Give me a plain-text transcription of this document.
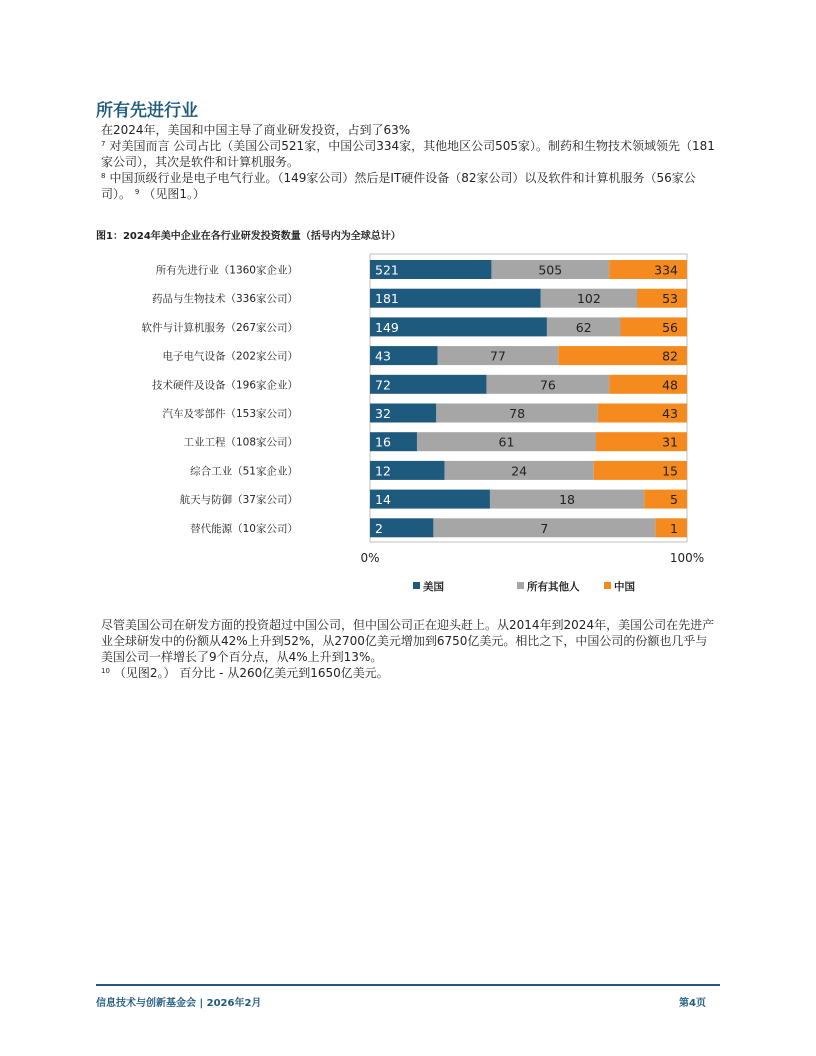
所有先进行业

在2024年，美国和中国主导了商业研发投资，占到了63%
$^7$ 对美国而言 公司占比（美国公司521家，中国公司334家，其他地区公司505家）。制药和生物技术领域领先（181家公司），其次是软件和计算机服务。
$^8$ 中国顶级行业是电子电气行业。（149家公司）然后是IT硬件设备（82家公司）以及软件和计算机服务（56家公司）。 $^9$ （见图1。）

图1：2024年美中企业在各行业研发投资数量（括号内为全球总计）

所有先进行业（1360家企业）	521	505	334
药品与生物技术（336家公司）	181	102	53
软件与计算机服务（267家公司）	149	62	56
电子电气设备（202家公司）	43	77	82
技术硬件及设备（196家企业）	72	76	48
汽车及零部件（153家公司）	32	78	43
工业工程（108家公司）	16	61	31
综合工业（51家企业）	12	24	15
航天与防御（37家公司）	14	18	5
替代能源（10家公司）	2	7	1
0%	100%
美国	所有其他人	中国

尽管美国公司在研发方面的投资超过中国公司，但中国公司正在迎头赶上。从2014年到2024年，美国公司在先进产业全球研发中的份额从42%上升到52%，从2700亿美元增加到6750亿美元。相比之下，中国公司的份额也几乎与美国公司一样增长了9个百分点，从4%上升到13%。
$^{10}$ （见图2。） 百分比 - 从260亿美元到1650亿美元。

信息技术与创新基金会 | 2026年2月	第4页
